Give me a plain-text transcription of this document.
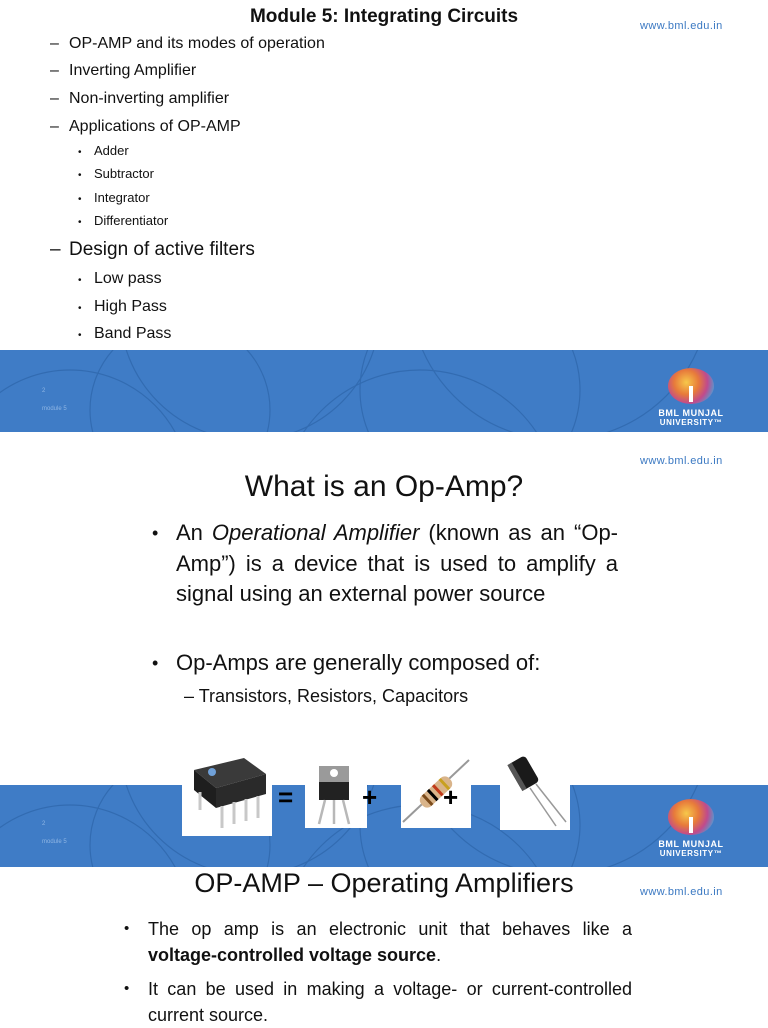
Module 5: Integrating Circuits	www.bml.edu.in
– OP-AMP and its modes of operation
– Inverting Amplifier
– Non-inverting amplifier
– Applications of OP-AMP
• Adder
• Subtractor
• Integrator
• Differentiator
– Design of active filters
• Low pass
• High Pass
• Band Pass
2
module 5	BML MUNJAL
UNIVERSITY™
www.bml.edu.in
What is an Op-Amp?
• An Operational Amplifier (known as an “Op-Amp”) is a device that is used to amplify a signal using an external power source
• Op-Amps are generally composed of:
– Transistors, Resistors, Capacitors
2
module 5	BML MUNJAL
UNIVERSITY™
=	+	+
OP-AMP – Operating Amplifiers	www.bml.edu.in
•	The op amp is an electronic unit that behaves like a voltage-controlled voltage source.
•	It can be used in making a voltage- or current-controlled current source.
